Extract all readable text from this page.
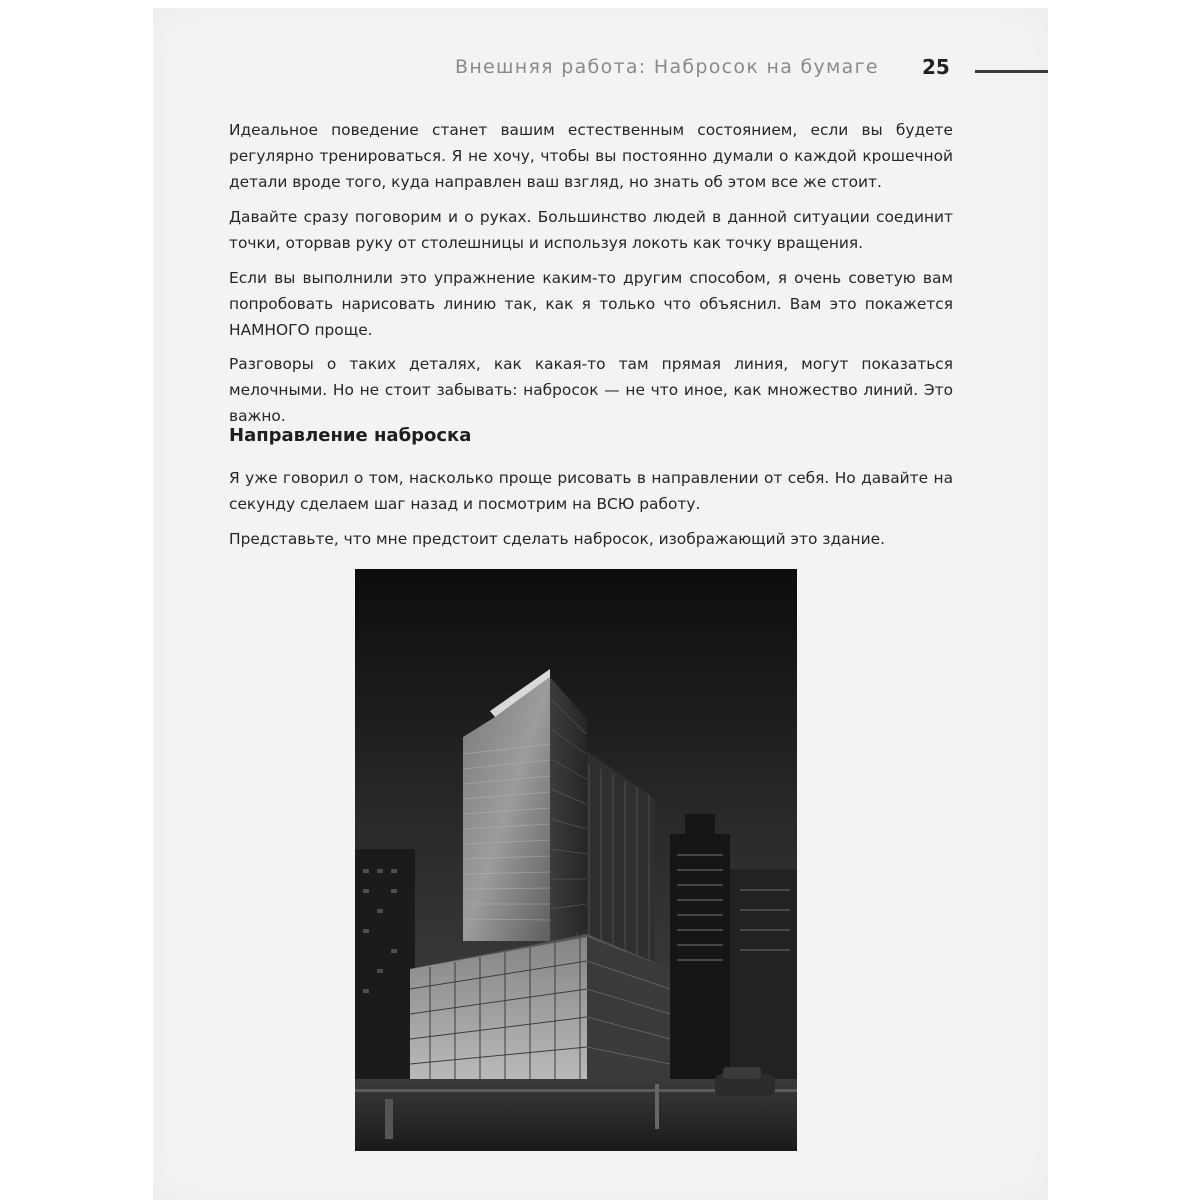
Внешняя работа: Набросок на бумаге 25

Идеальное поведение станет вашим естественным состоянием, если вы будете регулярно тренироваться. Я не хочу, чтобы вы постоянно думали о каждой крошечной детали вроде того, куда направлен ваш взгляд, но знать об этом все же стоит.

Давайте сразу поговорим и о руках. Большинство людей в данной ситуации соединит точки, оторвав руку от столешницы и используя локоть как точку вращения.

Если вы выполнили это упражнение каким-то другим способом, я очень советую вам попробовать нарисовать линию так, как я только что объяснил. Вам это покажется НАМНОГО проще.

Разговоры о таких деталях, как какая-то там прямая линия, могут показаться мелочными. Но не стоит забывать: набросок — не что иное, как множество линий. Это важно.

Направление наброска

Я уже говорил о том, насколько проще рисовать в направлении от себя. Но давайте на секунду сделаем шаг назад и посмотрим на ВСЮ работу.

Представьте, что мне предстоит сделать набросок, изображающий это здание.
